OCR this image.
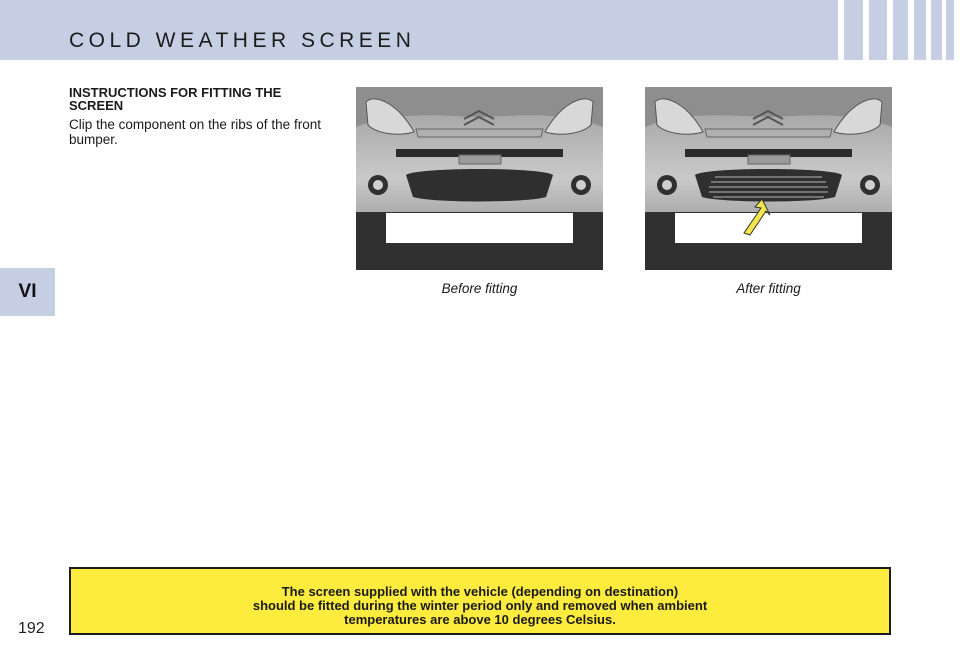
COLD WEATHER SCREEN
VI
INSTRUCTIONS FOR FITTING THE SCREEN
Clip the component on the ribs of the front bumper.
Before fitting	After fitting
The screen supplied with the vehicle (depending on destination)
should be fitted during the winter period only and removed when ambient
temperatures are above 10 degrees Celsius.
192
